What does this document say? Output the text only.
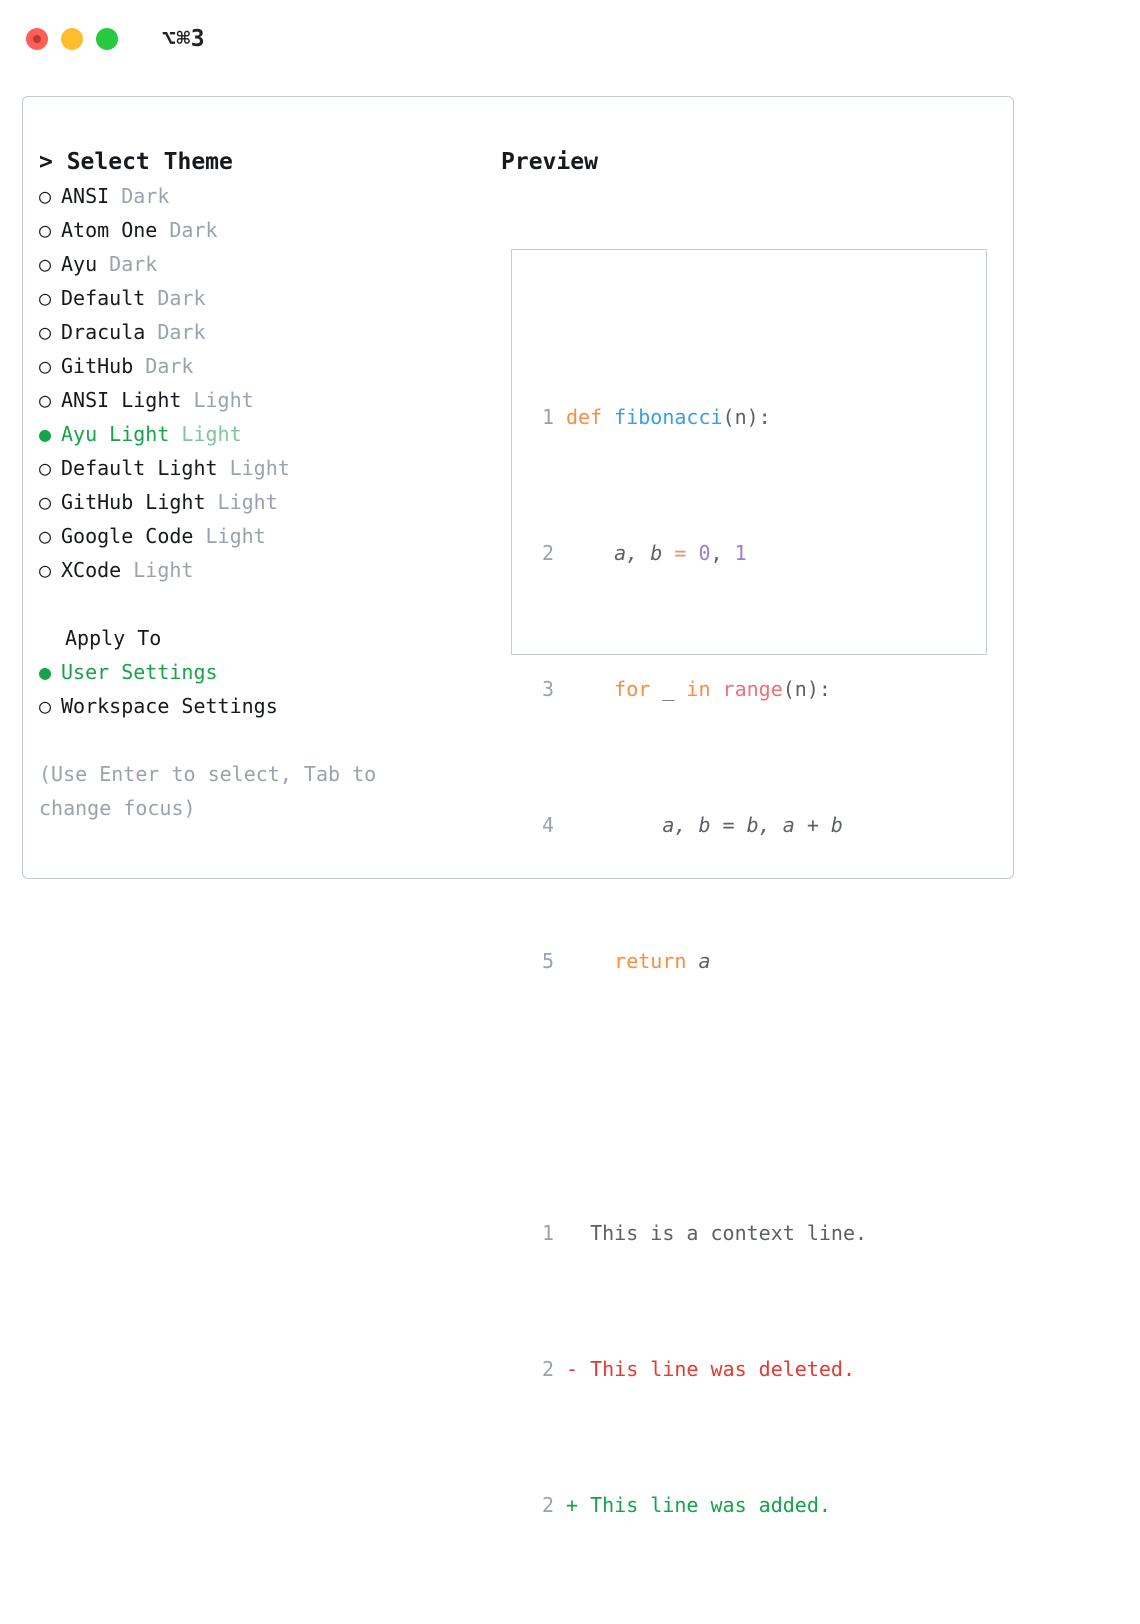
⌥⌘3
> Select Theme
○ ANSI Dark
○ Atom One Dark
○ Ayu Dark
○ Default Dark
○ Dracula Dark
○ GitHub Dark
○ ANSI Light Light
● Ayu Light Light
○ Default Light Light
○ GitHub Light Light
○ Google Code Light
○ XCode Light
Apply To
● User Settings
○ Workspace Settings
(Use Enter to select, Tab to change focus)
Preview

1 def fibonacci(n):

2    a, b = 0, 1

3    for _ in range(n):

4        a, b = b, a + b

5    return a

1  This is a context line.

2 - This line was deleted.

2 + This line was added.
